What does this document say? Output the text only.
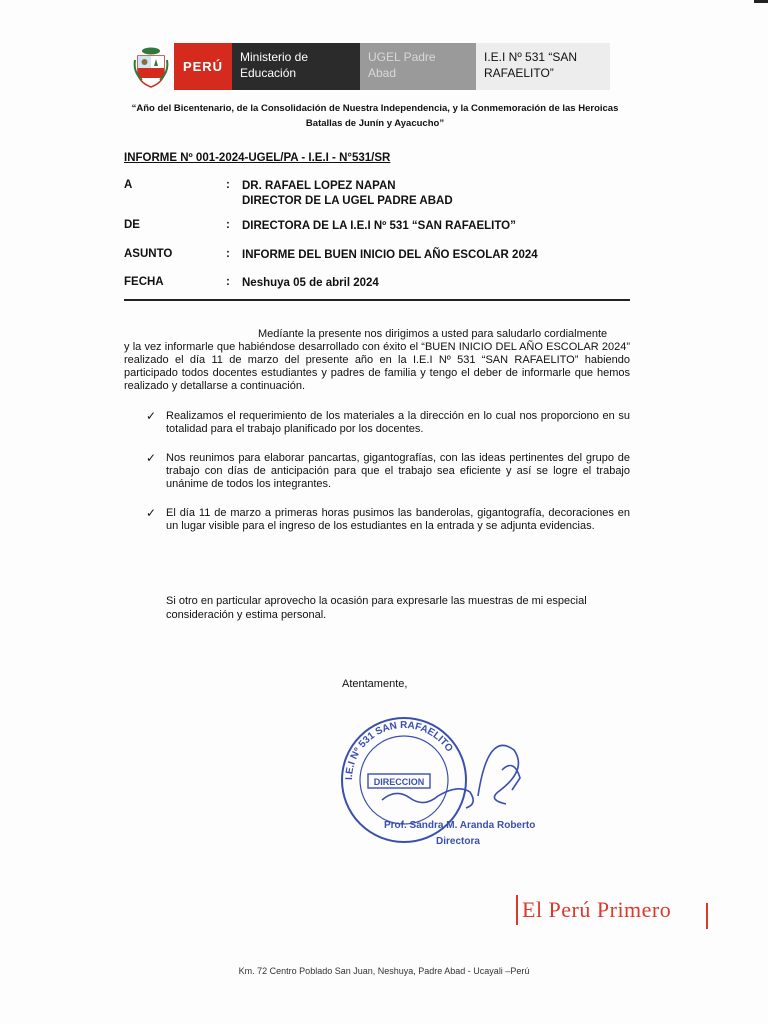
PERÚ
Ministerio de
Educación
UGEL Padre
Abad
I.E.I Nº 531 “SAN
RAFAELITO”
“Año del Bicentenario, de la Consolidación de Nuestra Independencia, y la Conmemoración de las Heroicas
Batallas de Junín y Ayacucho”
INFORME Nº 001-2024-UGEL/PA - I.E.I - N°531/SR
A	:	DR. RAFAEL LOPEZ NAPAN
DIRECTOR DE LA UGEL PADRE ABAD
DE	:	DIRECTORA DE LA I.E.I Nº 531 “SAN RAFAELITO”
ASUNTO	:	INFORME DEL BUEN INICIO DEL AÑO ESCOLAR 2024
FECHA	:	Neshuya 05 de abril 2024
Medíante la presente nos dirigimos a usted para saludarlo cordialmente
y la vez informarle que habiéndose desarrollado con éxito el “BUEN INICIO DEL AÑO ESCOLAR 2024” realizado el día 11 de marzo del presente año en la I.E.I Nº 531 “SAN RAFAELITO” habiendo participado todos docentes estudiantes y padres de familia y tengo el deber de informarle que hemos realizado y detallarse a continuación.
✓ Realizamos el requerimiento de los materiales a la dirección en lo cual nos proporciono en su totalidad para el trabajo planificado por los docentes.
✓ Nos reunimos para elaborar pancartas, gigantografías, con las ideas pertinentes del grupo de trabajo con días de anticipación para que el trabajo sea eficiente y así se logre el trabajo unánime de todos los integrantes.
✓ El día 11 de marzo a primeras horas pusimos las banderolas, gigantografía, decoraciones en un lugar visible para el ingreso de los estudiantes en la entrada y se adjunta evidencias.
Si otro en particular aprovecho la ocasión para expresarle las muestras de mi especial consideración y estima personal.
Atentamente,
I.E.I Nº 531 SAN RAFAELITO
DIRECCION
Prof. Sandra M. Aranda Roberto
Directora
El Perú Primero
Km. 72 Centro Poblado San Juan, Neshuya, Padre Abad - Ucayali –Perú
